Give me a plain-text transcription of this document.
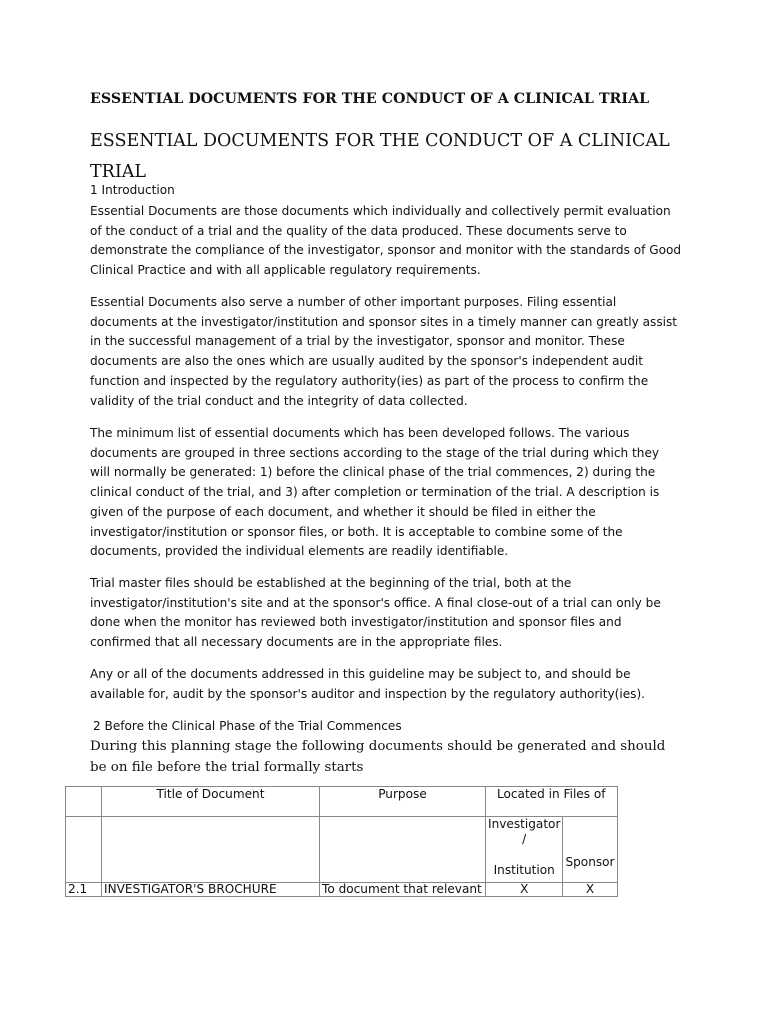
ESSENTIAL DOCUMENTS FOR THE CONDUCT OF A CLINICAL TRIAL
ESSENTIAL DOCUMENTS FOR THE CONDUCT OF A CLINICAL
TRIAL
1 Introduction

Essential Documents are those documents which individually and collectively permit evaluation of the conduct of a trial and the quality of the data produced. These documents serve to demonstrate the compliance of the investigator, sponsor and monitor with the standards of Good Clinical Practice and with all applicable regulatory requirements.

Essential Documents also serve a number of other important purposes. Filing essential documents at the investigator/institution and sponsor sites in a timely manner can greatly assist in the successful management of a trial by the investigator, sponsor and monitor. These documents are also the ones which are usually audited by the sponsor's independent audit function and inspected by the regulatory authority(ies) as part of the process to confirm the validity of the trial conduct and the integrity of data collected.

The minimum list of essential documents which has been developed follows. The various documents are grouped in three sections according to the stage of the trial during which they will normally be generated: 1) before the clinical phase of the trial commences, 2) during the clinical conduct of the trial, and 3) after completion or termination of the trial. A description is given of the purpose of each document, and whether it should be filed in either the investigator/institution or sponsor files, or both. It is acceptable to combine some of the documents, provided the individual elements are readily identifiable.

Trial master files should be established at the beginning of the trial, both at the investigator/institution's site and at the sponsor's office. A final close-out of a trial can only be done when the monitor has reviewed both investigator/institution and sponsor files and confirmed that all necessary documents are in the appropriate files.

Any or all of the documents addressed in this guideline may be subject to, and should be available for, audit by the sponsor's auditor and inspection by the regulatory authority(ies).

2 Before the Clinical Phase of the Trial Commences
During this planning stage the following documents should be generated and should be on file before the trial formally starts
	Title of Document	Purpose	Located in Files of	
			Investigator
/
Institution	Sponsor

2.1	INVESTIGATOR'S BROCHURE	To document that relevant	X	X
